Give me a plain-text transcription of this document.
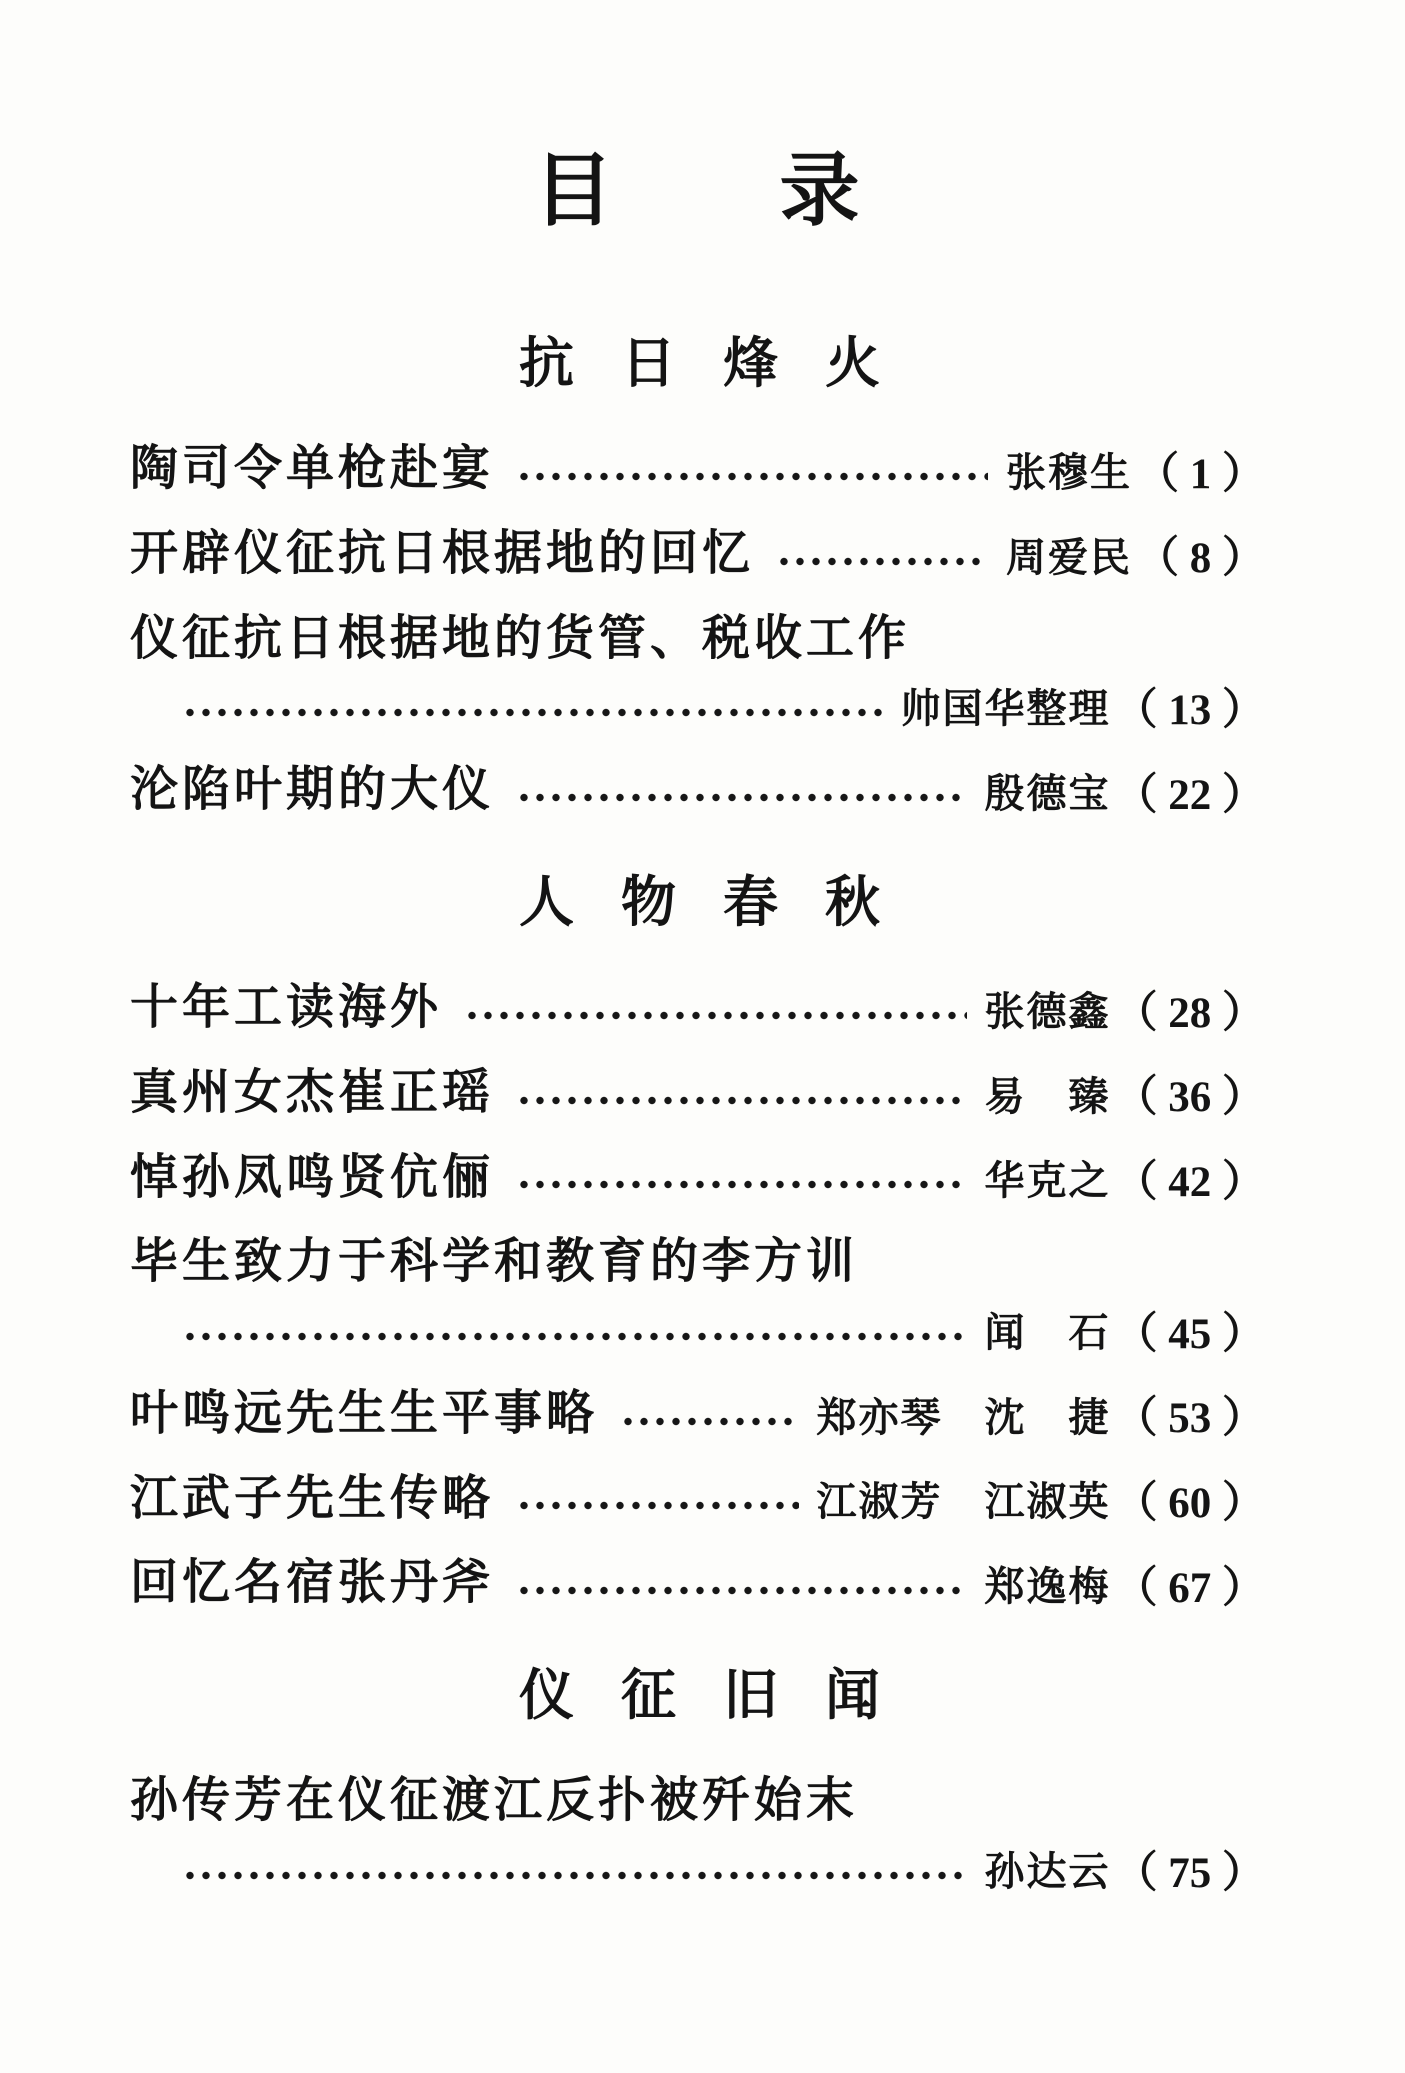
目　　录
抗　日　烽　火
陶司令单枪赴宴	张穆生 （ 1 ）
开辟仪征抗日根据地的回忆	周爱民 （ 8 ）
仪征抗日根据地的货管、税收工作
帅国华整理 （ 13 ）
沦陷叶期的大仪	殷德宝 （ 22 ）
人　物　春　秋
十年工读海外	张德鑫 （ 28 ）
真州女杰崔正瑶	易　臻 （ 36 ）
悼孙凤鸣贤伉俪	华克之 （ 42 ）
毕生致力于科学和教育的李方训
闻　石 （ 45 ）
叶鸣远先生生平事略	郑亦琴　沈　捷 （ 53 ）
江武子先生传略	江淑芳　江淑英 （ 60 ）
回忆名宿张丹斧	郑逸梅 （ 67 ）
仪　征　旧　闻
孙传芳在仪征渡江反扑被歼始末
孙达云 （ 75 ）
